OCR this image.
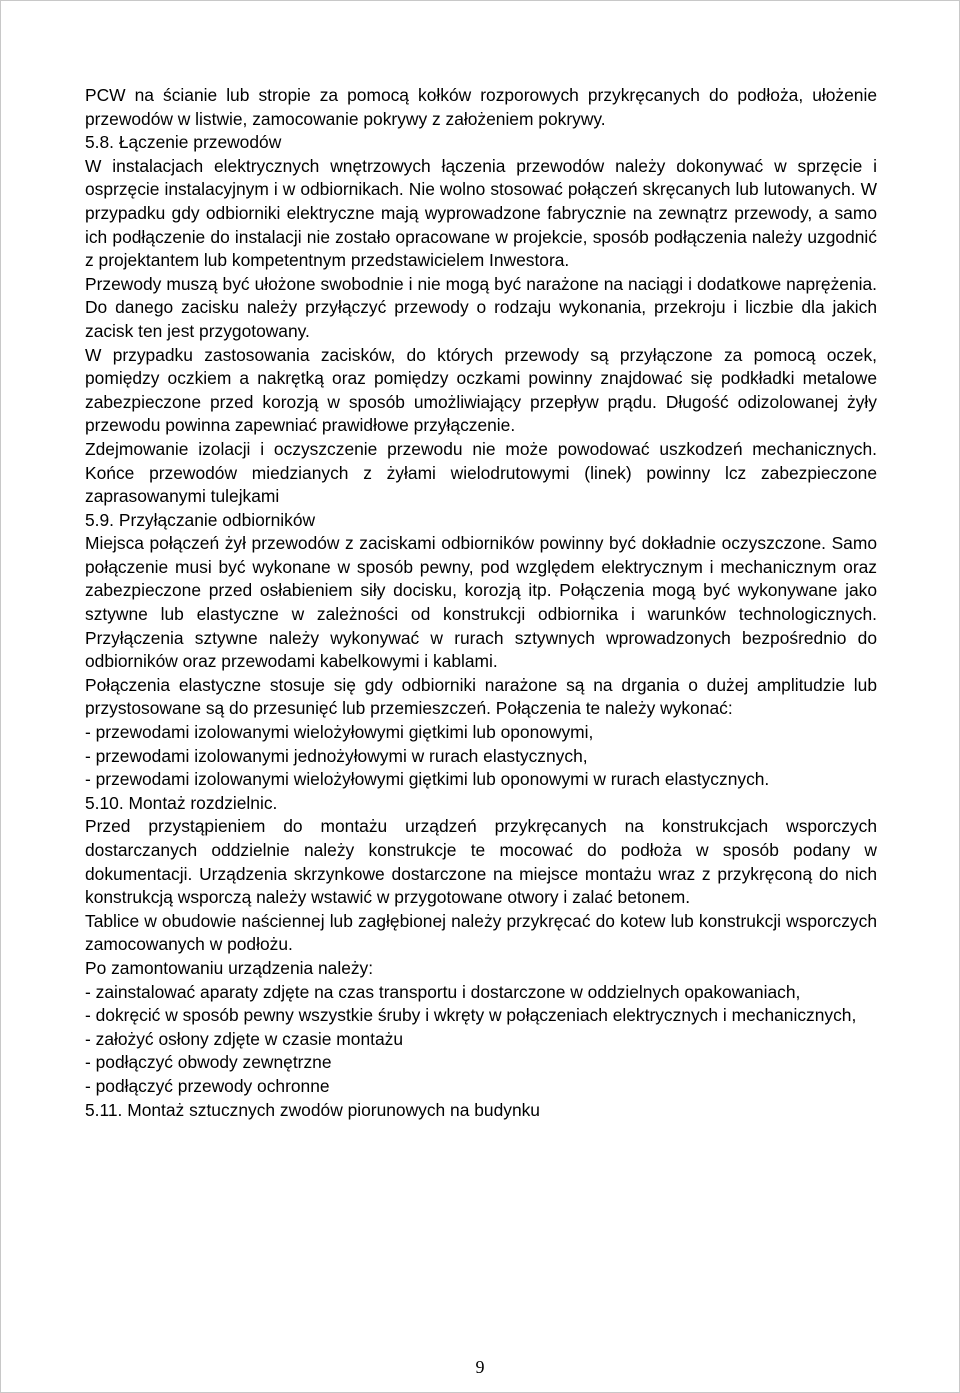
PCW na ścianie lub stropie za pomocą kołków rozporowych przykręcanych do podłoża, ułożenie przewodów w listwie, zamocowanie pokrywy z założeniem pokrywy.

5.8. Łączenie przewodów

W instalacjach elektrycznych wnętrzowych łączenia przewodów należy dokonywać w sprzęcie i osprzęcie instalacyjnym i w odbiornikach. Nie wolno stosować połączeń skręcanych lub lutowanych. W przypadku gdy odbiorniki elektryczne mają wyprowadzone fabrycznie na zewnątrz przewody, a samo ich podłączenie do instalacji nie zostało opracowane w projekcie, sposób podłączenia należy uzgodnić z projektantem lub kompetentnym przedstawicielem Inwestora.

Przewody muszą być ułożone swobodnie i nie mogą być narażone na naciągi i dodatkowe naprężenia. Do danego zacisku należy przyłączyć przewody o rodzaju wykonania, przekroju i liczbie dla jakich zacisk ten jest przygotowany.

W przypadku zastosowania zacisków, do których przewody są przyłączone za pomocą oczek, pomiędzy oczkiem a nakrętką oraz pomiędzy oczkami powinny znajdować się podkładki metalowe zabezpieczone przed korozją w sposób umożliwiający przepływ prądu. Długość odizolowanej żyły przewodu powinna zapewniać prawidłowe przyłączenie.

Zdejmowanie izolacji i oczyszczenie przewodu nie może powodować uszkodzeń mechanicznych. Końce przewodów miedzianych z żyłami wielodrutowymi (linek) powinny lcz zabezpieczone zaprasowanymi tulejkami

5.9. Przyłączanie odbiorników

Miejsca połączeń żył przewodów z zaciskami odbiorników powinny być dokładnie oczyszczone. Samo połączenie musi być wykonane w sposób pewny, pod względem elektrycznym i mechanicznym oraz zabezpieczone przed osłabieniem siły docisku, korozją itp. Połączenia mogą być wykonywane jako sztywne lub elastyczne w zależności od konstrukcji odbiornika i warunków technologicznych. Przyłączenia sztywne należy wykonywać w rurach sztywnych wprowadzonych bezpośrednio do odbiorników oraz przewodami kabelkowymi i kablami.

Połączenia elastyczne stosuje się gdy odbiorniki narażone są na drgania o dużej amplitudzie lub przystosowane są do przesunięć lub przemieszczeń. Połączenia te należy wykonać:

- przewodami izolowanymi wielożyłowymi giętkimi lub oponowymi,

- przewodami izolowanymi jednożyłowymi w rurach elastycznych,

- przewodami izolowanymi wielożyłowymi giętkimi lub oponowymi w rurach elastycznych.

5.10. Montaż rozdzielnic.

Przed przystąpieniem do montażu urządzeń przykręcanych na konstrukcjach wsporczych dostarczanych oddzielnie należy konstrukcje te mocować do podłoża w sposób podany w dokumentacji. Urządzenia skrzynkowe dostarczone na miejsce montażu wraz z przykręconą do nich konstrukcją wsporczą należy wstawić w przygotowane otwory i zalać betonem.

Tablice w obudowie naściennej lub zagłębionej należy przykręcać do kotew lub konstrukcji wsporczych zamocowanych w podłożu.

Po zamontowaniu urządzenia należy:

- zainstalować aparaty zdjęte na czas transportu i dostarczone w oddzielnych opakowaniach,

- dokręcić w sposób pewny wszystkie śruby i wkręty w połączeniach elektrycznych i mechanicznych,

- założyć osłony zdjęte w czasie montażu

- podłączyć obwody zewnętrzne

- podłączyć przewody ochronne

5.11. Montaż sztucznych zwodów piorunowych na budynku

9
